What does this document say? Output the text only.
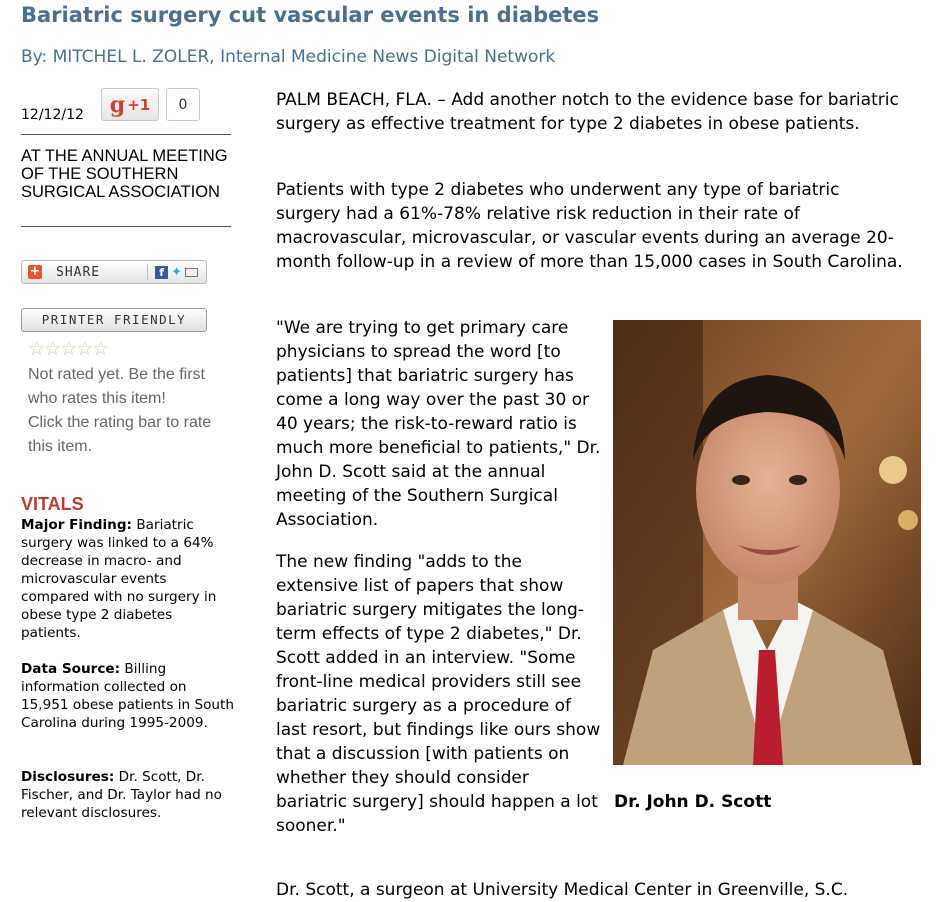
Bariatric surgery cut vascular events in diabetes
By: MITCHEL L. ZOLER, Internal Medicine News Digital Network
12/12/12 g +1	0
AT THE ANNUAL MEETING OF THE SOUTHERN SURGICAL ASSOCIATION
+ SHARE	f ✦
PRINTER FRIENDLY
☆☆☆☆☆
Not rated yet. Be the first who rates this item!
Click the rating bar to rate this item.
VITALS

Major Finding: Bariatric surgery was linked to a 64% decrease in macro- and microvascular events compared with no surgery in obese type 2 diabetes patients.

Data Source: Billing information collected on 15,951 obese patients in South Carolina during 1995-2009.

Disclosures: Dr. Scott, Dr. Fischer, and Dr. Taylor had no relevant disclosures.

PALM BEACH, FLA. – Add another notch to the evidence base for bariatric surgery as effective treatment for type 2 diabetes in obese patients.

Patients with type 2 diabetes who underwent any type of bariatric surgery had a 61%-78% relative risk reduction in their rate of macrovascular, microvascular, or vascular events during an average 20-month follow-up in a review of more than 15,000 cases in South Carolina.

"We are trying to get primary care physicians to spread the word [to patients] that bariatric surgery has come a long way over the past 30 or 40 years; the risk-to-reward ratio is much more beneficial to patients," Dr. John D. Scott said at the annual meeting of the Southern Surgical Association.

The new finding "adds to the extensive list of papers that show bariatric surgery mitigates the long-term effects of type 2 diabetes," Dr. Scott added in an interview. "Some front-line medical providers still see bariatric surgery as a procedure of last resort, but findings like ours show that a discussion [with patients on whether they should consider bariatric surgery] should happen a lot sooner."

Dr. Scott, a surgeon at University Medical Center in Greenville, S.C.

Dr. John D. Scott
